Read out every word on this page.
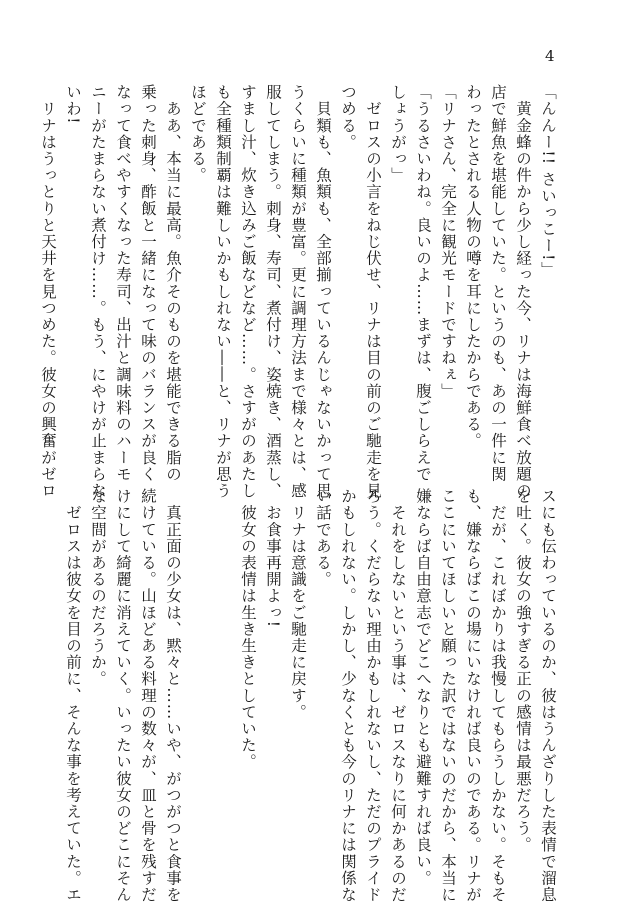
4
「んんー!! さいっこー!」
　黄金蜂の件から少し経った今、リナは海鮮食べ放題の
店で鮮魚を堪能していた。というのも、あの一件に関
わったとされる人物の噂を耳にしたからである。
「リナさん、完全に観光モードですねぇ」
「うるさいわね。良いのよ……まずは、腹ごしらえで
しょうがっ」
　ゼロスの小言をねじ伏せ、リナは目の前のご馳走を見
つめる。
　貝類も、魚類も、全部揃っているんじゃないかって思
うくらいに種類が豊富。更に調理方法まで様々とは、感
服してしまう。刺身、寿司、煮付け、姿焼き、酒蒸し、
すまし汁、炊き込みご飯などなど……。さすがのあたし
も全種類制覇は難しいかもしれない――と、リナが思う
ほどである。
　ああ、本当に最高。魚介そのものを堪能できる脂の
乗った刺身、酢飯と一緒になって味のバランスが良く
なって食べやすくなった寿司、出汁と調味料のハーモ
ニーがたまらない煮付け……。もう、にやけが止まらな
いわ!
　リナはうっとりと天井を見つめた。彼女の興奮がゼロ
スにも伝わっているのか、彼はうんざりした表情で溜息
を吐く。彼女の強すぎる正の感情は最悪だろう。
　だが、これぼかりは我慢してもらうしかない。そもそ
も、嫌ならばこの場にいなければ良いのである。リナが
ここにいてほしいと願った訳ではないのだから、本当に
嫌ならば自由意志でどこへなりとも避難すれば良い。
　それをしないという事は、ゼロスなりに何かあるのだ
ろう。くだらない理由かもしれないし、ただのプライド
かもしれない。しかし、少なくとも今のリナには関係な
い話である。
　リナは意識をご馳走に戻す。
　お食事再開よっ!
　彼女の表情は生き生きとしていた。

　真正面の少女は、黙々と……いや、がつがつと食事を
続けている。山ほどある料理の数々が、皿と骨を残すだ
けにして綺麗に消えていく。いったい彼女のどこにそん
な空間があるのだろうか。
　ゼロスは彼女を目の前に、そんな事を考えていた。エ
